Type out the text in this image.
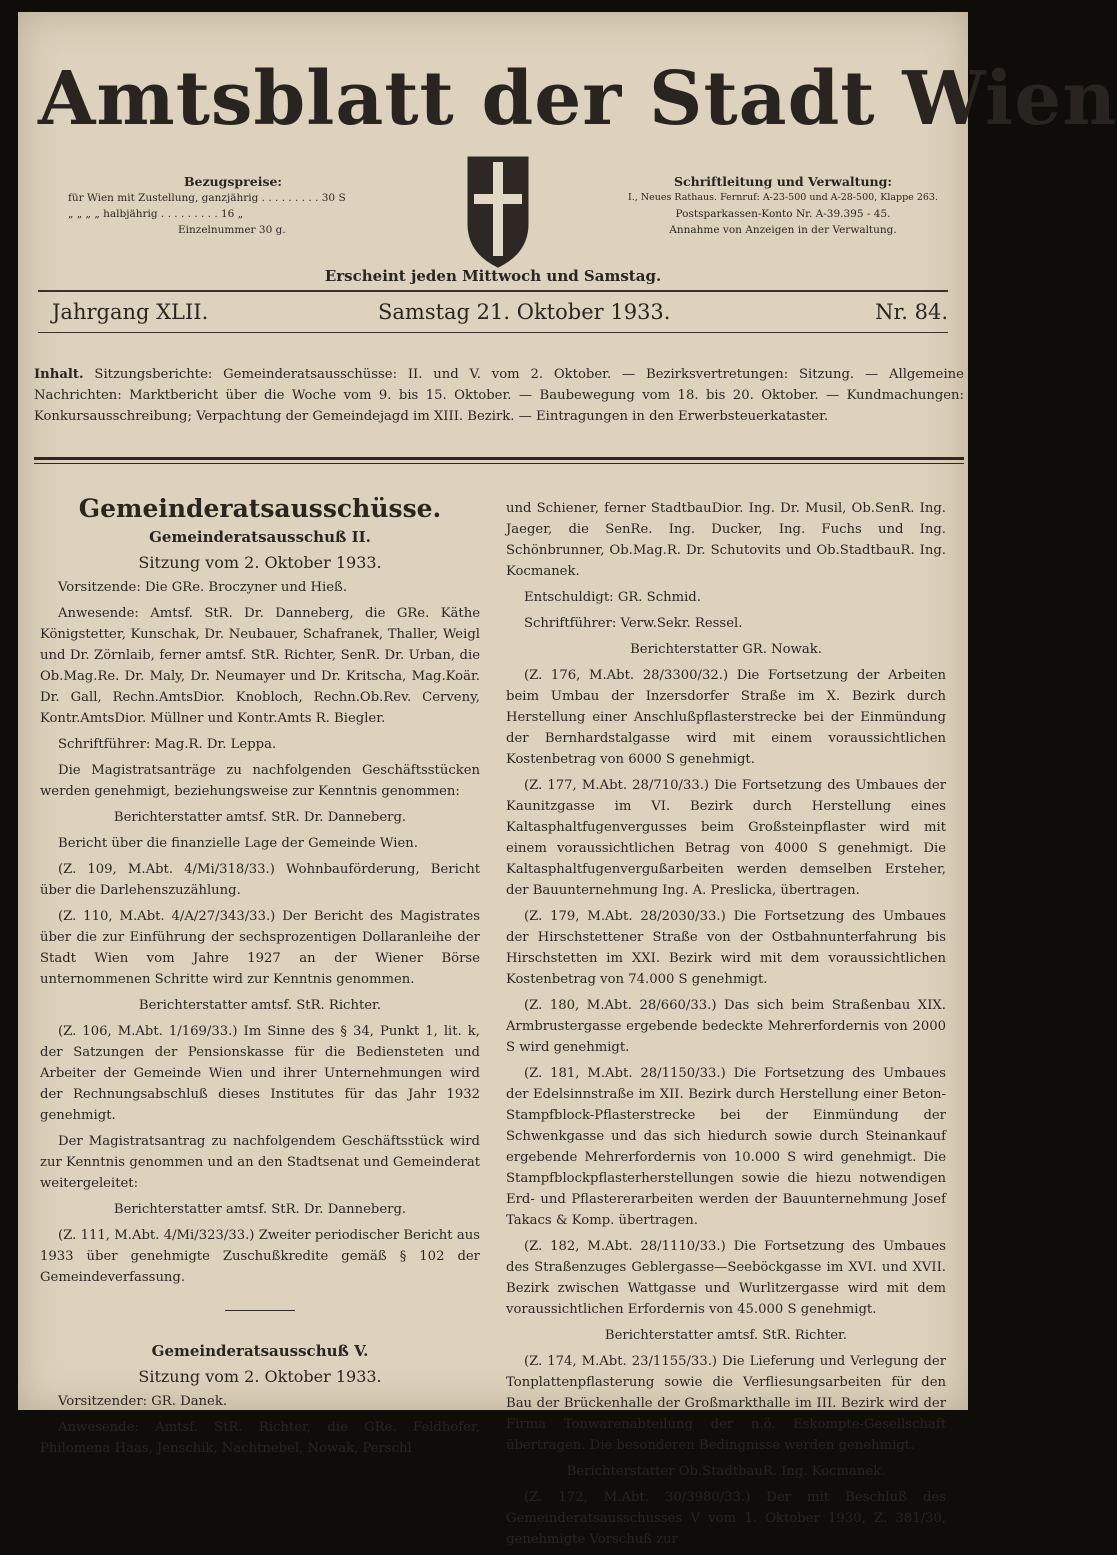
Amtsblatt der Stadt Wien
Bezugspreise:
für Wien mit Zustellung, ganzjährig . . . . . . . . . 30 S
„ „ „ „ halbjährig . . . . . . . . . 16 „
Einzelnummer 30 g.
Schriftleitung und Verwaltung:
I., Neues Rathaus. Fernruf: A-23-500 und A-28-500, Klappe 263.
Postsparkassen-Konto Nr. A-39.395 - 45.
Annahme von Anzeigen in der Verwaltung.
Erscheint jeden Mittwoch und Samstag.
Jahrgang XLII.	Samstag 21. Oktober 1933.	Nr. 84.
Inhalt. Sitzungsberichte: Gemeinderatsausschüsse: II. und V. vom 2. Oktober. — Bezirksvertretungen: Sitzung. — Allgemeine Nachrichten: Marktbericht über die Woche vom 9. bis 15. Oktober. — Baubewegung vom 18. bis 20. Oktober. — Kundmachungen: Konkursausschreibung; Verpachtung der Gemeindejagd im XIII. Bezirk. — Eintragungen in den Erwerbsteuerkataster.
Gemeinderatsausschüsse.
Gemeinderatsausschuß II.
Sitzung vom 2. Oktober 1933.

Vorsitzende: Die GRe. Broczyner und Hieß.

Anwesende: Amtsf. StR. Dr. Danneberg, die GRe. Käthe Königstetter, Kunschak, Dr. Neubauer, Schafranek, Thaller, Weigl und Dr. Zörnlaib, ferner amtsf. StR. Richter, SenR. Dr. Urban, die Ob.Mag.Re. Dr. Maly, Dr. Neumayer und Dr. Kritscha, Mag.Koär. Dr. Gall, Rechn.AmtsDior. Knobloch, Rechn.Ob.Rev. Cerveny, Kontr.AmtsDior. Müllner und Kontr.Amts R. Biegler.

Schriftführer: Mag.R. Dr. Leppa.

Die Magistratsanträge zu nachfolgenden Geschäftsstücken werden genehmigt, beziehungsweise zur Kenntnis genommen:

Berichterstatter amtsf. StR. Dr. Danneberg.

Bericht über die finanzielle Lage der Gemeinde Wien.

(Z. 109, M.Abt. 4/Mi/318/33.) Wohnbauförderung, Bericht über die Darlehenszuzählung.

(Z. 110, M.Abt. 4/A/27/343/33.) Der Bericht des Magistrates über die zur Einführung der sechsprozentigen Dollaranleihe der Stadt Wien vom Jahre 1927 an der Wiener Börse unternommenen Schritte wird zur Kenntnis genommen.

Berichterstatter amtsf. StR. Richter.

(Z. 106, M.Abt. 1/169/33.) Im Sinne des § 34, Punkt 1, lit. k, der Satzungen der Pensionskasse für die Bediensteten und Arbeiter der Gemeinde Wien und ihrer Unternehmungen wird der Rechnungsabschluß dieses Institutes für das Jahr 1932 genehmigt.

Der Magistratsantrag zu nachfolgendem Geschäftsstück wird zur Kenntnis genommen und an den Stadtsenat und Gemeinderat weitergeleitet:

Berichterstatter amtsf. StR. Dr. Danneberg.

(Z. 111, M.Abt. 4/Mi/323/33.) Zweiter periodischer Bericht aus 1933 über genehmigte Zuschußkredite gemäß § 102 der Gemeindeverfassung.

Gemeinderatsausschuß V.
Sitzung vom 2. Oktober 1933.

Vorsitzender: GR. Danek.

Anwesende: Amtsf. StR. Richter, die GRe. Feldhofer, Philomena Haas, Jenschik, Nachtnebel, Nowak, Perschl

und Schiener, ferner StadtbauDior. Ing. Dr. Musil, Ob.SenR. Ing. Jaeger, die SenRe. Ing. Ducker, Ing. Fuchs und Ing. Schönbrunner, Ob.Mag.R. Dr. Schutovits und Ob.StadtbauR. Ing. Kocmanek.

Entschuldigt: GR. Schmid.

Schriftführer: Verw.Sekr. Ressel.

Berichterstatter GR. Nowak.

(Z. 176, M.Abt. 28/3300/32.) Die Fortsetzung der Arbeiten beim Umbau der Inzersdorfer Straße im X. Bezirk durch Herstellung einer Anschlußpflasterstrecke bei der Einmündung der Bernhardstalgasse wird mit einem voraussichtlichen Kostenbetrag von 6000 S genehmigt.

(Z. 177, M.Abt. 28/710/33.) Die Fortsetzung des Umbaues der Kaunitzgasse im VI. Bezirk durch Herstellung eines Kaltasphaltfugenvergusses beim Großsteinpflaster wird mit einem voraussichtlichen Betrag von 4000 S genehmigt. Die Kaltasphaltfugenvergußarbeiten werden demselben Ersteher, der Bauunternehmung Ing. A. Preslicka, übertragen.

(Z. 179, M.Abt. 28/2030/33.) Die Fortsetzung des Umbaues der Hirschstettener Straße von der Ostbahnunterfahrung bis Hirschstetten im XXI. Bezirk wird mit dem voraussichtlichen Kostenbetrag von 74.000 S genehmigt.

(Z. 180, M.Abt. 28/660/33.) Das sich beim Straßenbau XIX. Armbrustergasse ergebende bedeckte Mehrerfordernis von 2000 S wird genehmigt.

(Z. 181, M.Abt. 28/1150/33.) Die Fortsetzung des Umbaues der Edelsinnstraße im XII. Bezirk durch Herstellung einer Beton-Stampfblock-Pflasterstrecke bei der Einmündung der Schwenkgasse und das sich hiedurch sowie durch Steinankauf ergebende Mehrerfordernis von 10.000 S wird genehmigt. Die Stampfblockpflasterherstellungen sowie die hiezu notwendigen Erd- und Pflastererarbeiten werden der Bauunternehmung Josef Takacs & Komp. übertragen.

(Z. 182, M.Abt. 28/1110/33.) Die Fortsetzung des Umbaues des Straßenzuges Geblergasse—Seeböckgasse im XVI. und XVII. Bezirk zwischen Wattgasse und Wurlitzergasse wird mit dem voraussichtlichen Erfordernis von 45.000 S genehmigt.

Berichterstatter amtsf. StR. Richter.

(Z. 174, M.Abt. 23/1155/33.) Die Lieferung und Verlegung der Tonplattenpflasterung sowie die Verfliesungsarbeiten für den Bau der Brückenhalle der Großmarkthalle im III. Bezirk wird der Firma Tonwarenabteilung der n.ö. Eskompte-Gesellschaft übertragen. Die besonderen Bedingnisse werden genehmigt.

Berichterstatter Ob.StadtbauR. Ing. Kocmanek.

(Z. 172, M.Abt. 30/3980/33.) Der mit Beschluß des Gemeinderatsausschusses V vom 1. Oktober 1930, Z. 381/30, genehmigte Vorschuß zur
